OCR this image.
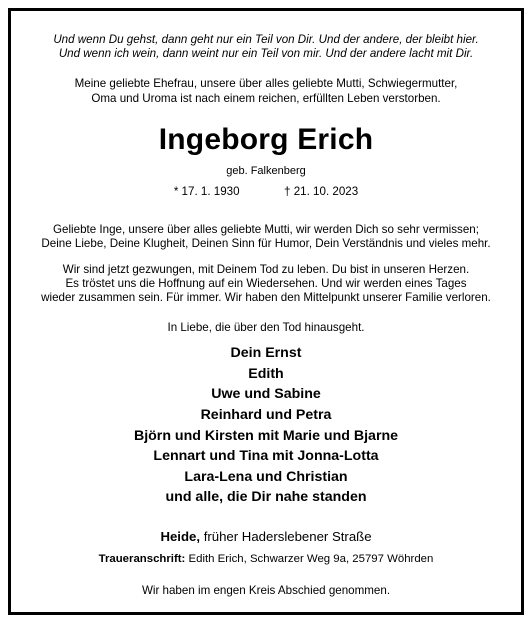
Und wenn Du gehst, dann geht nur ein Teil von Dir. Und der andere, der bleibt hier.
Und wenn ich wein, dann weint nur ein Teil von mir. Und der andere lacht mit Dir.
Meine geliebte Ehefrau, unsere über alles geliebte Mutti, Schwiegermutter,
Oma und Uroma ist nach einem reichen, erfüllten Leben verstorben.
Ingeborg Erich
geb. Falkenberg
* 17. 1. 1930	† 21. 10. 2023
Geliebte Inge, unsere über alles geliebte Mutti, wir werden Dich so sehr vermissen;
Deine Liebe, Deine Klugheit, Deinen Sinn für Humor, Dein Verständnis und vieles mehr.
Wir sind jetzt gezwungen, mit Deinem Tod zu leben. Du bist in unseren Herzen.
Es tröstet uns die Hoffnung auf ein Wiedersehen. Und wir werden eines Tages
wieder zusammen sein. Für immer. Wir haben den Mittelpunkt unserer Familie verloren.
In Liebe, die über den Tod hinausgeht.
Dein Ernst
Edith
Uwe und Sabine
Reinhard und Petra
Björn und Kirsten mit Marie und Bjarne
Lennart und Tina mit Jonna-Lotta
Lara-Lena und Christian
und alle, die Dir nahe standen
Heide, früher Haderslebener Straße
Traueranschrift: Edith Erich, Schwarzer Weg 9a, 25797 Wöhrden
Wir haben im engen Kreis Abschied genommen.
